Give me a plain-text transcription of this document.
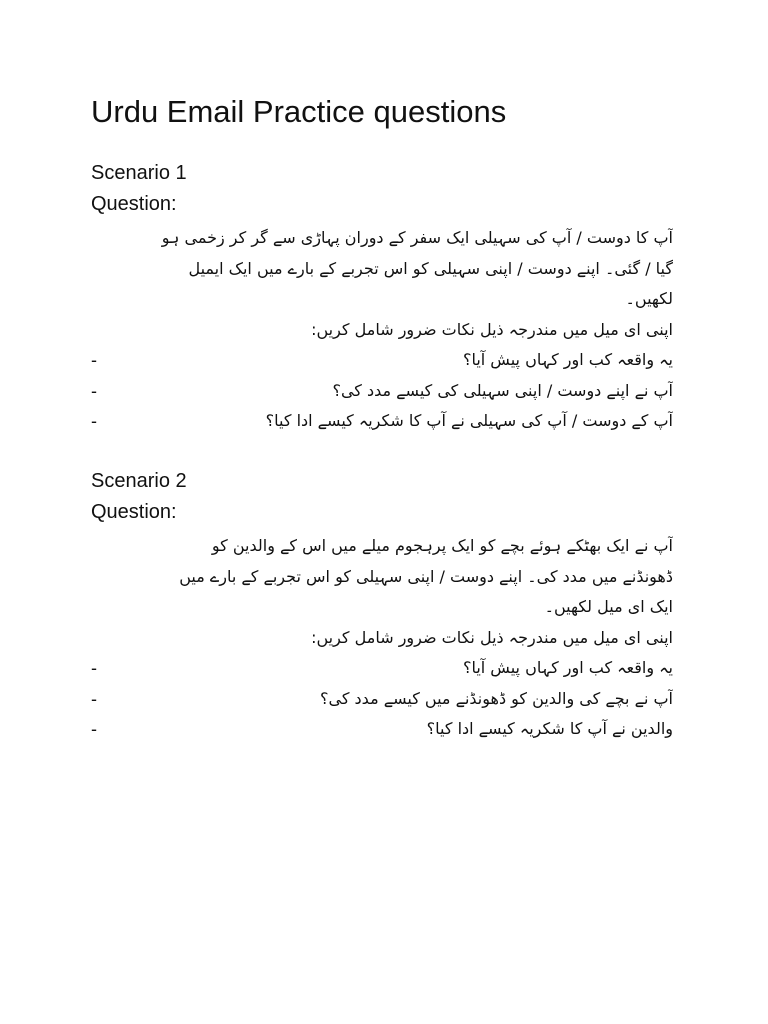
Urdu Email Practice questions
Scenario 1
Question:
آپ کا دوست / آپ کی سہیلی ایک سفر کے دوران پہاڑی سے گر کر زخمی ہو
گیا / گئی۔ اپنے دوست / اپنی سہیلی کو اس تجربے کے بارے میں ایک ایمیل
لکھیں۔
اپنی ای میل میں مندرجہ ذیل نکات ضرور شامل کریں:
-	یہ واقعہ کب اور کہاں پیش آیا؟
-	آپ نے اپنے دوست / اپنی سہیلی کی کیسے مدد کی؟
-	آپ کے دوست / آپ کی سہیلی نے آپ کا شکریہ کیسے ادا کیا؟
Scenario 2
Question:
آپ نے ایک بھٹکے ہوئے بچے کو ایک پرہجوم میلے میں اس کے والدین کو
ڈھونڈنے میں مدد کی۔ اپنے دوست / اپنی سہیلی کو اس تجربے کے بارے میں
ایک ای میل لکھیں۔
اپنی ای میل میں مندرجہ ذیل نکات ضرور شامل کریں:
-	یہ واقعہ کب اور کہاں پیش آیا؟
-	آپ نے بچے کی والدین کو ڈھونڈنے میں کیسے مدد کی؟
-	والدین نے آپ کا شکریہ کیسے ادا کیا؟
